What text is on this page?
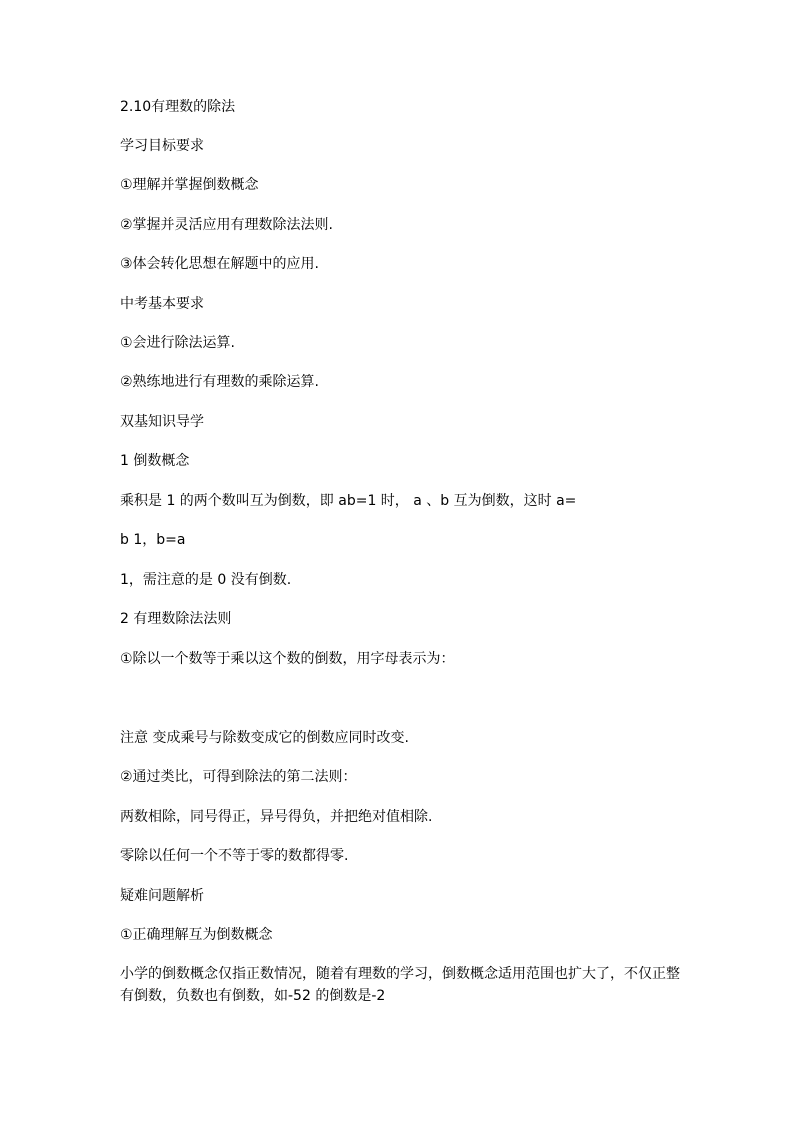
2.10有理数的除法
学习目标要求
①理解并掌握倒数概念
②掌握并灵活应用有理数除法法则.
③体会转化思想在解题中的应用.
中考基本要求
①会进行除法运算.
②熟练地进行有理数的乘除运算.
双基知识导学
1 倒数概念
乘积是 1 的两个数叫互为倒数，即 ab=1 时， a 、b 互为倒数，这时 a=
b 1，b=a
1，需注意的是 0 没有倒数.
2 有理数除法法则
①除以一个数等于乘以这个数的倒数，用字母表示为：
注意 变成乘号与除数变成它的倒数应同时改变.
②通过类比，可得到除法的第二法则：
两数相除，同号得正，异号得负，并把绝对值相除.
零除以任何一个不等于零的数都得零.
疑难问题解析
①正确理解互为倒数概念
小学的倒数概念仅指正数情况，随着有理数的学习，倒数概念适用范围也扩大了，不仅正整有倒数，负数也有倒数，如-52 的倒数是-2
